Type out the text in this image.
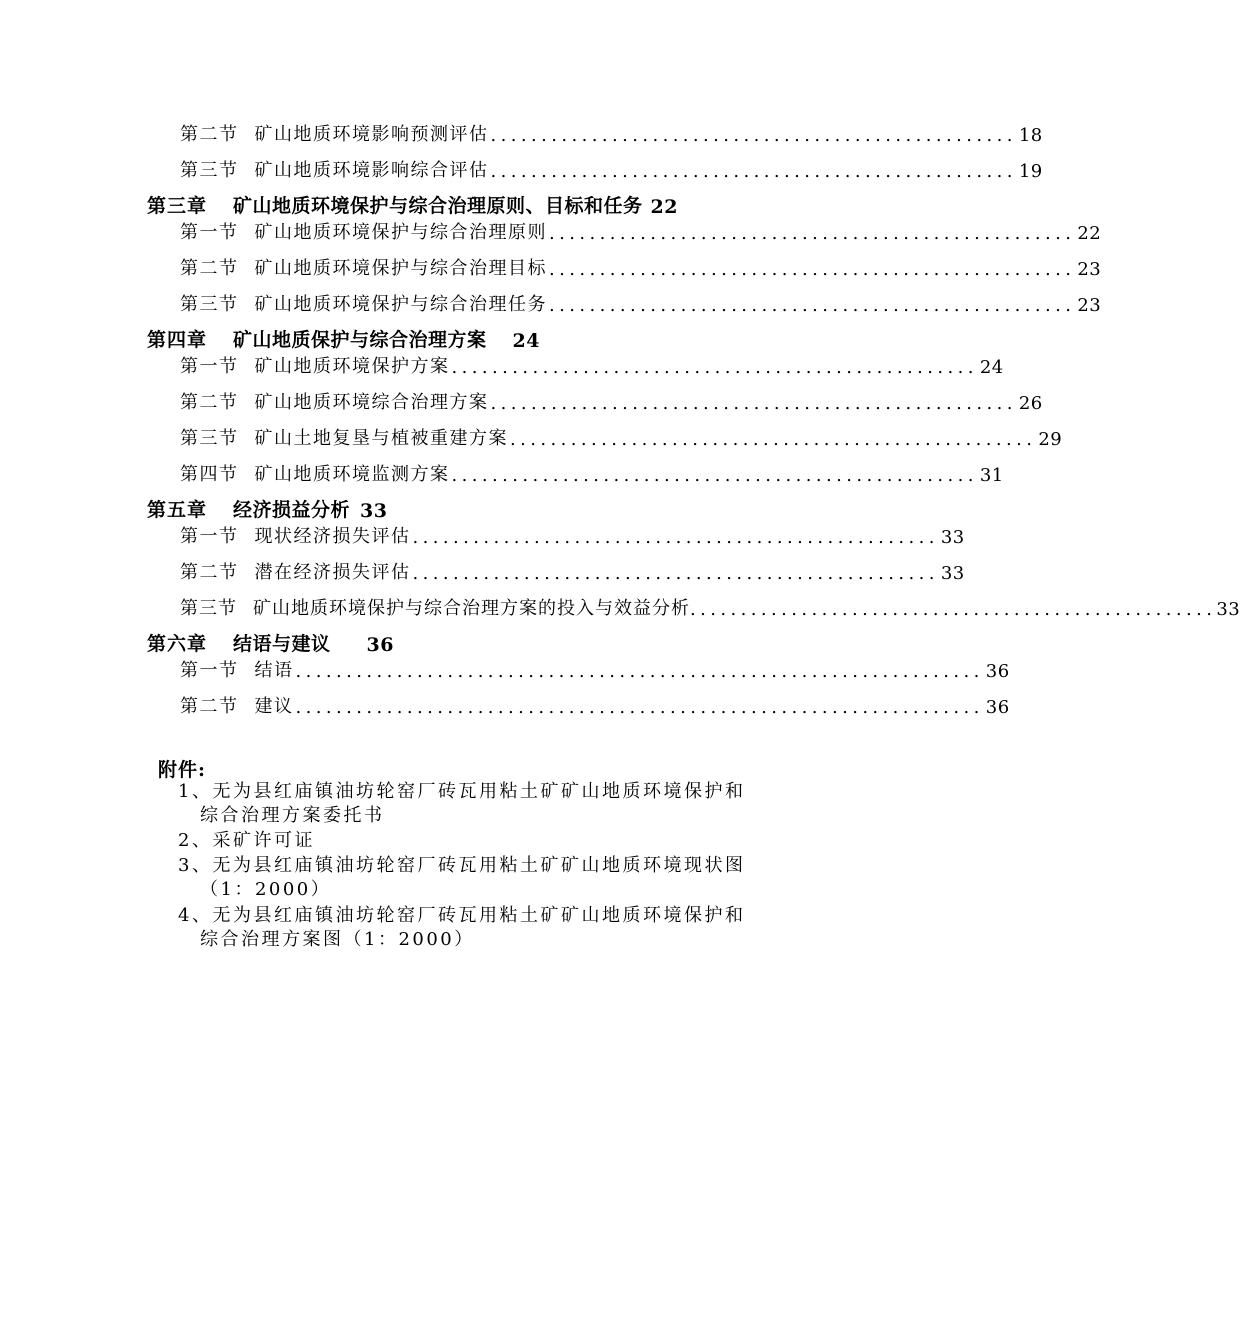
第二节 矿山地质环境影响预测评估 .................................................... 18
第三节 矿山地质环境影响综合评估 .................................................... 19
第三章 矿山地质环境保护与综合治理原则、目标和任务 22
第一节 矿山地质环境保护与综合治理原则 .................................................... 22
第二节 矿山地质环境保护与综合治理目标 .................................................... 23
第三节 矿山地质环境保护与综合治理任务 .................................................... 23
第四章 矿山地质保护与综合治理方案 24
第一节 矿山地质环境保护方案 .................................................... 24
第二节 矿山地质环境综合治理方案 .................................................... 26
第三节 矿山土地复垦与植被重建方案 .................................................... 29
第四节 矿山地质环境监测方案 .................................................... 31
第五章 经济损益分析 33
第一节 现状经济损失评估 .................................................... 33
第二节 潜在经济损失评估 .................................................... 33
第三节 矿山地质环境保护与综合治理方案的投入与效益分析 .................................................... 33
第六章 结语与建议 36
第一节 结语 .................................................................... 36
第二节 建议 .................................................................... 36
附件:
1、无为县红庙镇油坊轮窑厂砖瓦用粘土矿矿山地质环境保护和
综合治理方案委托书
2、采矿许可证
3、无为县红庙镇油坊轮窑厂砖瓦用粘土矿矿山地质环境现状图
（1：2000）
4、无为县红庙镇油坊轮窑厂砖瓦用粘土矿矿山地质环境保护和
综合治理方案图（1：2000）
